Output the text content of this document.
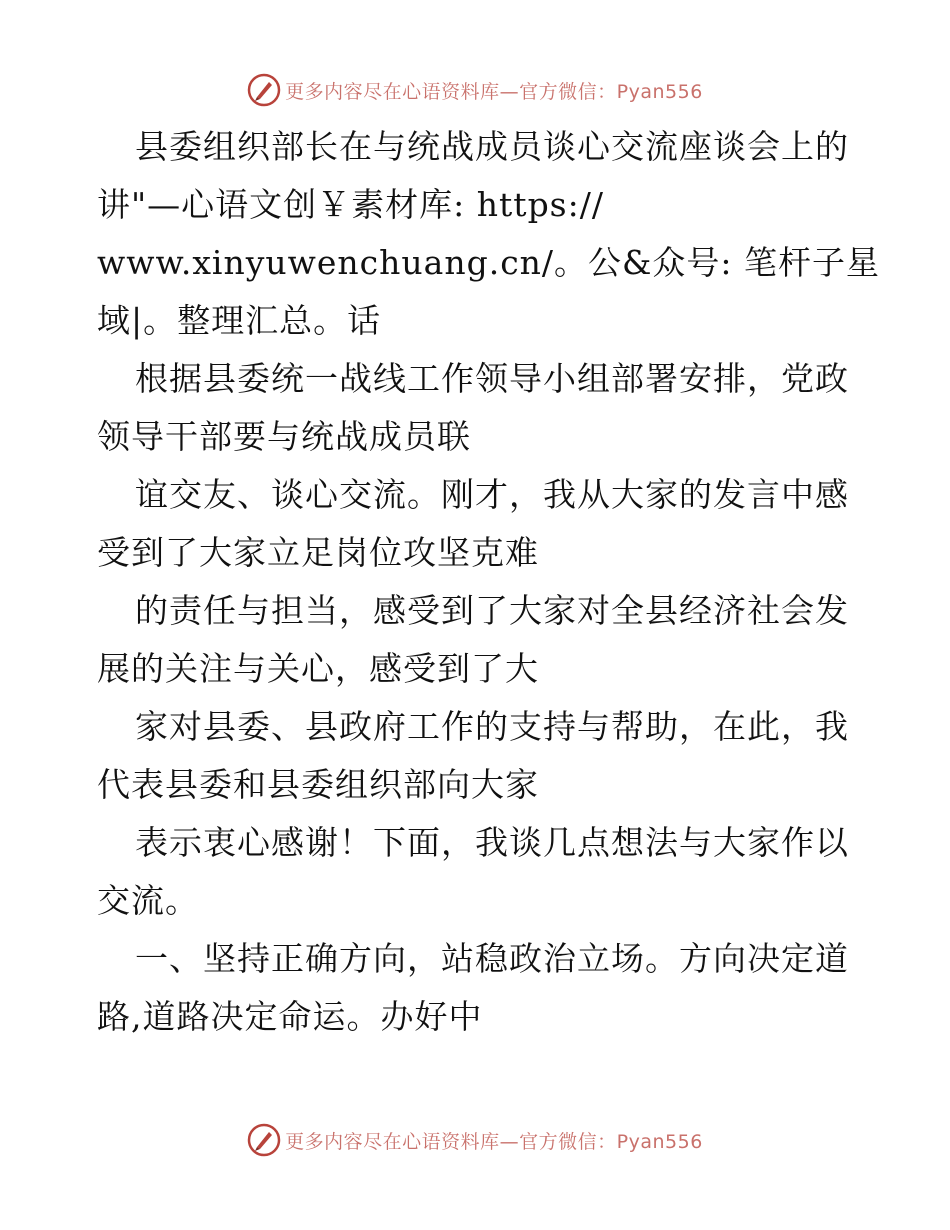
更多内容尽在心语资料库—官方微信：Pyan556
县委组织部长在与统战成员谈心交流座谈会上的
讲"—心语文创￥素材库: https://
www.xinyuwenchuang.cn/。公&众号: 笔杆子星
域|。整理汇总。话
根据县委统一战线工作领导小组部署安排，党政
领导干部要与统战成员联
谊交友、谈心交流。刚才，我从大家的发言中感
受到了大家立足岗位攻坚克难
的责任与担当，感受到了大家对全县经济社会发
展的关注与关心，感受到了大
家对县委、县政府工作的支持与帮助，在此，我
代表县委和县委组织部向大家
表示衷心感谢！下面，我谈几点想法与大家作以
交流。
一、坚持正确方向，站稳政治立场。方向决定道
路,道路决定命运。办好中
更多内容尽在心语资料库—官方微信：Pyan556
